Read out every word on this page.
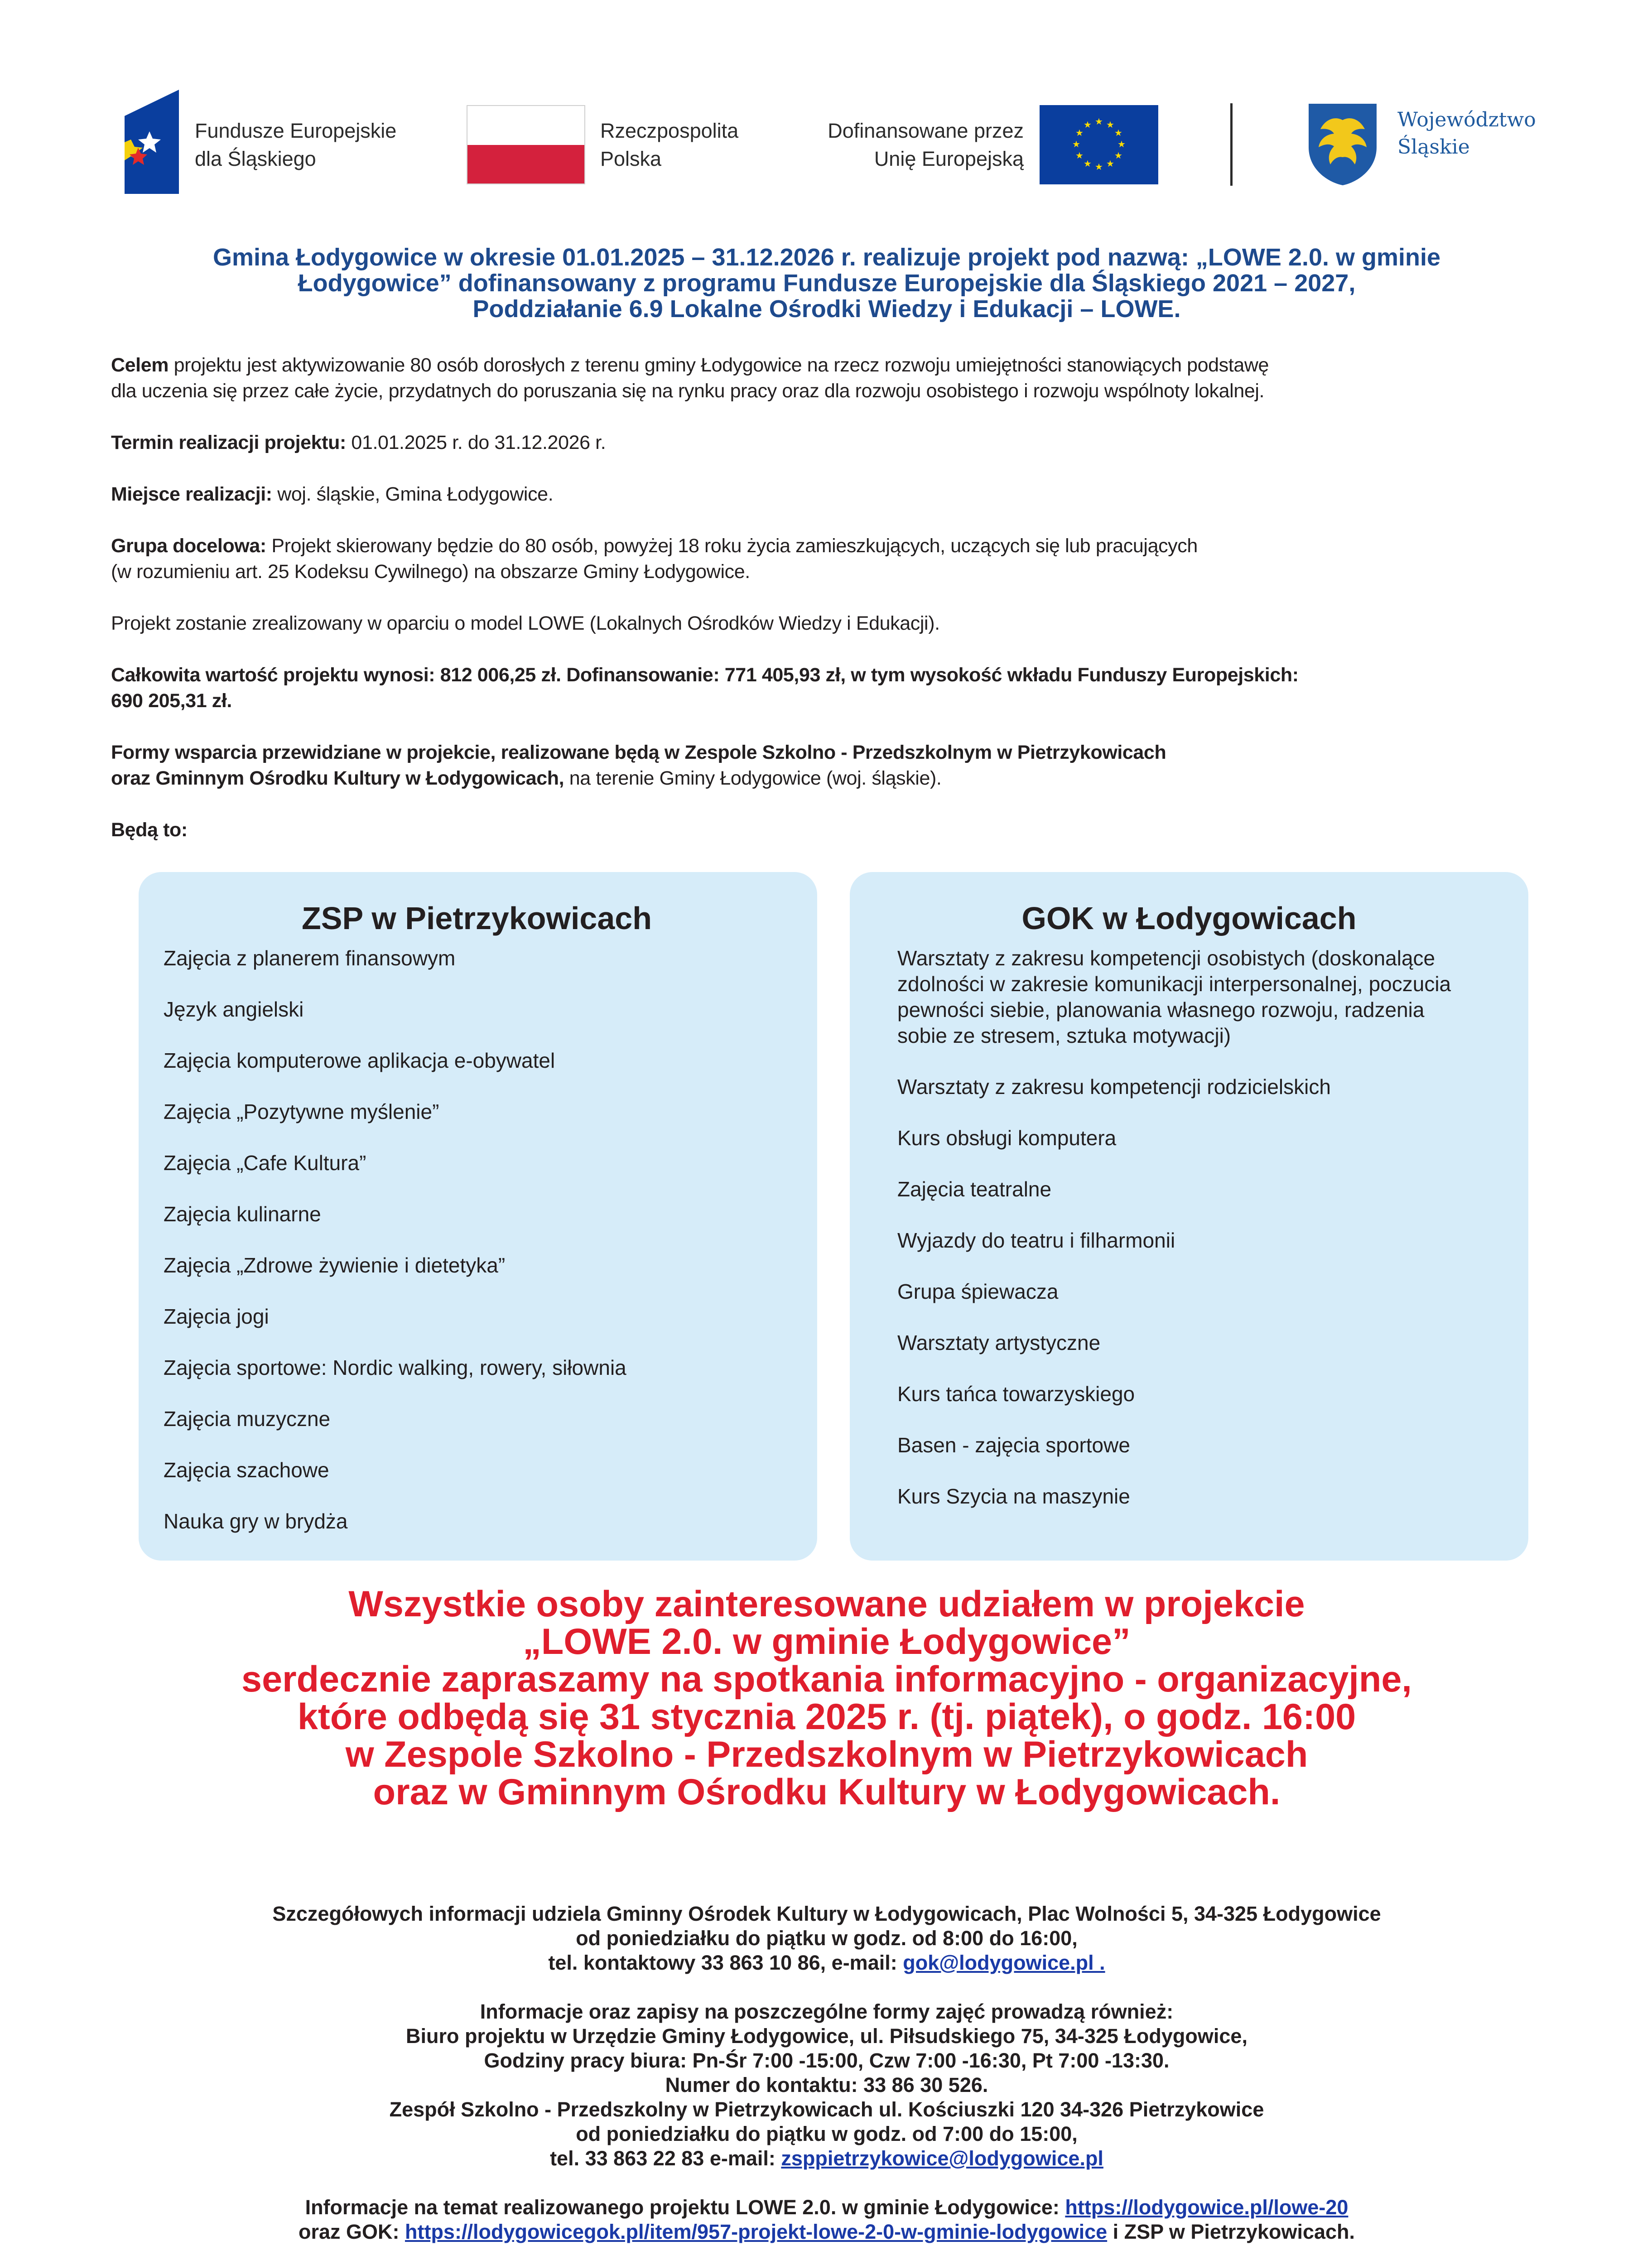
Fundusze Europejskie
dla Śląskiego
Rzeczpospolita
Polska
Dofinansowane przez
Unię Europejską
★ ★
★
★
★
★
★
★
★
★
★
★	Województwo
Śląskie
Gmina Łodygowice w okresie 01.01.2025 – 31.12.2026 r. realizuje projekt pod nazwą: „LOWE 2.0. w gminie
Łodygowice” dofinansowany z programu Fundusze Europejskie dla Śląskiego 2021 – 2027,
Poddziałanie 6.9 Lokalne Ośrodki Wiedzy i Edukacji – LOWE.

Celem projektu jest aktywizowanie 80 osób dorosłych z terenu gminy Łodygowice na rzecz rozwoju umiejętności stanowiących podstawę
dla uczenia się przez całe życie, przydatnych do poruszania się na rynku pracy oraz dla rozwoju osobistego i rozwoju wspólnoty lokalnej.

Termin realizacji projektu: 01.01.2025 r. do 31.12.2026 r.

Miejsce realizacji: woj. śląskie, Gmina Łodygowice.

Grupa docelowa: Projekt skierowany będzie do 80 osób, powyżej 18 roku życia zamieszkujących, uczących się lub pracujących
(w rozumieniu art. 25 Kodeksu Cywilnego) na obszarze Gminy Łodygowice.

Projekt zostanie zrealizowany w oparciu o model LOWE (Lokalnych Ośrodków Wiedzy i Edukacji).

Całkowita wartość projektu wynosi: 812 006,25 zł. Dofinansowanie: 771 405,93 zł, w tym wysokość wkładu Funduszy Europejskich:
690 205,31 zł.

Formy wsparcia przewidziane w projekcie, realizowane będą w Zespole Szkolno - Przedszkolnym w Pietrzykowicach
oraz Gminnym Ośrodku Kultury w Łodygowicach, na terenie Gminy Łodygowice (woj. śląskie).

Będą to:

ZSP w Pietrzykowicach
Zajęcia z planerem finansowym
Język angielski
Zajęcia komputerowe aplikacja e-obywatel
Zajęcia „Pozytywne myślenie”
Zajęcia „Cafe Kultura”
Zajęcia kulinarne
Zajęcia „Zdrowe żywienie i dietetyka”
Zajęcia jogi
Zajęcia sportowe: Nordic walking, rowery, siłownia
Zajęcia muzyczne
Zajęcia szachowe
Nauka gry w brydża
GOK w Łodygowicach
Warsztaty z zakresu kompetencji osobistych (doskonalące
zdolności w zakresie komunikacji interpersonalnej, poczucia
pewności siebie, planowania własnego rozwoju, radzenia
sobie ze stresem, sztuka motywacji)
Warsztaty z zakresu kompetencji rodzicielskich
Kurs obsługi komputera
Zajęcia teatralne
Wyjazdy do teatru i filharmonii
Grupa śpiewacza
Warsztaty artystyczne
Kurs tańca towarzyskiego
Basen - zajęcia sportowe
Kurs Szycia na maszynie
Wszystkie osoby zainteresowane udziałem w projekcie
„LOWE 2.0. w gminie Łodygowice”
serdecznie zapraszamy na spotkania informacyjno - organizacyjne,
które odbędą się 31 stycznia 2025 r. (tj. piątek), o godz. 16:00
w Zespole Szkolno - Przedszkolnym w Pietrzykowicach
oraz w Gminnym Ośrodku Kultury w Łodygowicach.

Szczegółowych informacji udziela Gminny Ośrodek Kultury w Łodygowicach, Plac Wolności 5, 34-325 Łodygowice
od poniedziałku do piątku w godz. od 8:00 do 16:00,
tel. kontaktowy 33 863 10 86, e-mail: gok@lodygowice.pl .

Informacje oraz zapisy na poszczególne formy zajęć prowadzą również:
Biuro projektu w Urzędzie Gminy Łodygowice, ul. Piłsudskiego 75, 34-325 Łodygowice,
Godziny pracy biura: Pn-Śr 7:00 -15:00, Czw 7:00 -16:30, Pt 7:00 -13:30.
Numer do kontaktu: 33 86 30 526.
Zespół Szkolno - Przedszkolny w Pietrzykowicach ul. Kościuszki 120 34-326 Pietrzykowice
od poniedziałku do piątku w godz. od 7:00 do 15:00,
tel. 33 863 22 83 e-mail: zsppietrzykowice@lodygowice.pl

Informacje na temat realizowanego projektu LOWE 2.0. w gminie Łodygowice: https://lodygowice.pl/lowe-20
oraz GOK: https://lodygowicegok.pl/item/957-projekt-lowe-2-0-w-gminie-lodygowice i ZSP w Pietrzykowicach.
